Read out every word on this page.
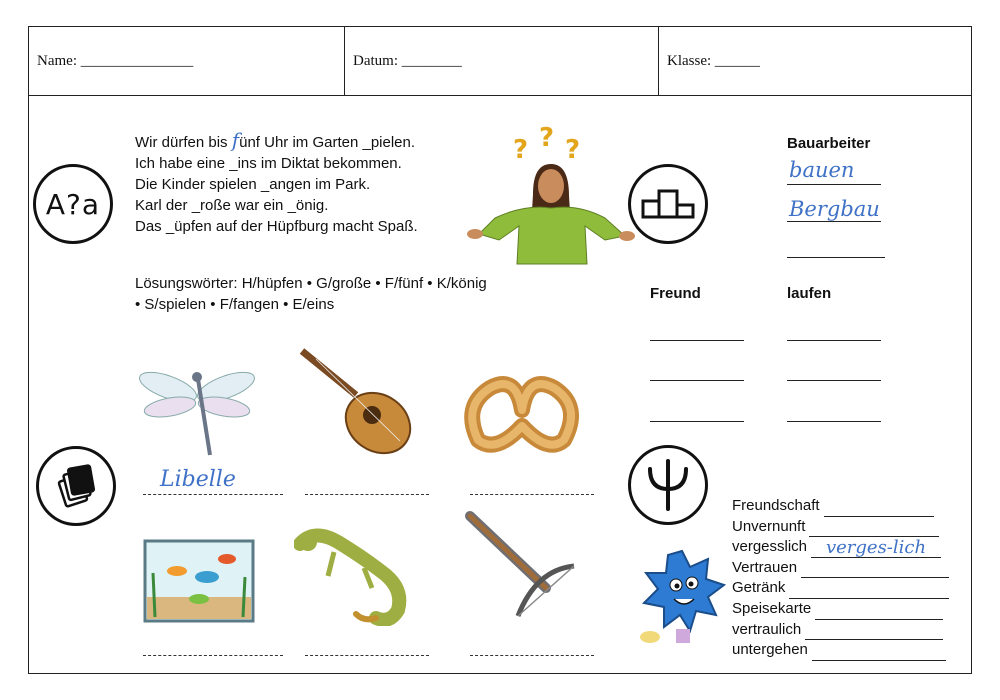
Name: _______________	Datum: ________	Klasse: ______
A?a
Wir dürfen bis fünf Uhr im Garten _pielen.
Ich habe eine _ins im Diktat bekommen.
Die Kinder spielen _angen im Park.
Karl der _roße war ein _önig.
Das _üpfen auf der Hüpfburg macht Spaß.
? ? ?	Bauarbeiter
bauen
Bergbau
Lösungswörter: H/hüpfen • G/große • F/fünf • K/könig
• S/spielen • F/fangen • E/eins
Freund	laufen
Libelle
Freundschaft
Unvernunft
vergesslich	verges-lich
Vertrauen
Getränk
Speisekarte
vertraulich
untergehen
